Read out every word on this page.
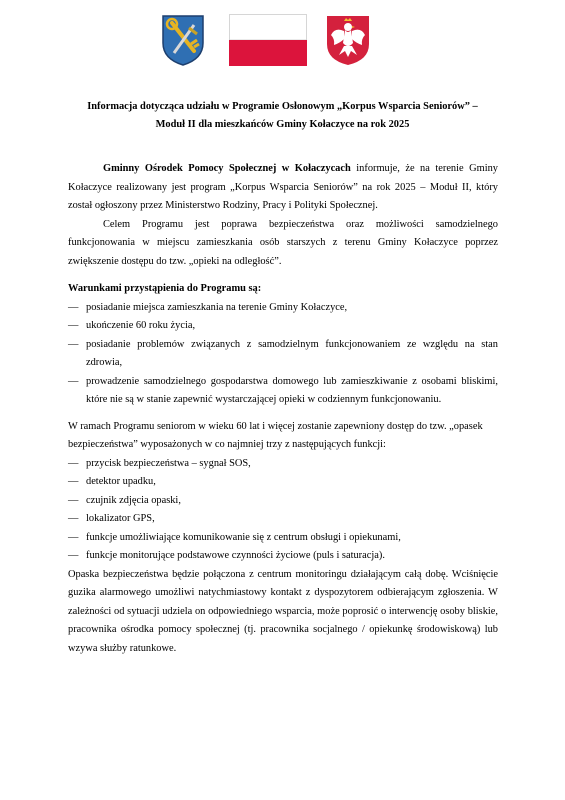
Informacja dotycząca udziału w Programie Osłonowym „Korpus Wsparcia Seniorów” –
Moduł II dla mieszkańców Gminy Kołaczyce na rok 2025

Gminny Ośrodek Pomocy Społecznej w Kołaczycach informuje, że na terenie Gminy Kołaczyce realizowany jest program „Korpus Wsparcia Seniorów” na rok 2025 – Moduł II, który został ogłoszony przez Ministerstwo Rodziny, Pracy i Polityki Społecznej.

Celem Programu jest poprawa bezpieczeństwa oraz możliwości samodzielnego funkcjonowania w miejscu zamieszkania osób starszych z terenu Gminy Kołaczyce poprzez zwiększenie dostępu do tzw. „opieki na odległość”.

Warunkami przystąpienia do Programu są:

— posiadanie miejsca zamieszkania na terenie Gminy Kołaczyce,
— ukończenie 60 roku życia,
— posiadanie problemów związanych z samodzielnym funkcjonowaniem ze względu na stan zdrowia,
— prowadzenie samodzielnego gospodarstwa domowego lub zamieszkiwanie z osobami bliskimi, które nie są w stanie zapewnić wystarczającej opieki w codziennym funkcjonowaniu.

W ramach Programu seniorom w wieku 60 lat i więcej zostanie zapewniony dostęp do tzw. „opasek bezpieczeństwa” wyposażonych w co najmniej trzy z następujących funkcji:

— przycisk bezpieczeństwa – sygnał SOS,
— detektor upadku,
— czujnik zdjęcia opaski,
— lokalizator GPS,
— funkcje umożliwiające komunikowanie się z centrum obsługi i opiekunami,
— funkcje monitorujące podstawowe czynności życiowe (puls i saturacja).

Opaska bezpieczeństwa będzie połączona z centrum monitoringu działającym całą dobę. Wciśnięcie guzika alarmowego umożliwi natychmiastowy kontakt z dyspozytorem odbierającym zgłoszenia. W zależności od sytuacji udziela on odpowiedniego wsparcia, może poprosić o interwencję osoby bliskie, pracownika ośrodka pomocy społecznej (tj. pracownika socjalnego / opiekunkę środowiskową) lub wzywa służby ratunkowe.
